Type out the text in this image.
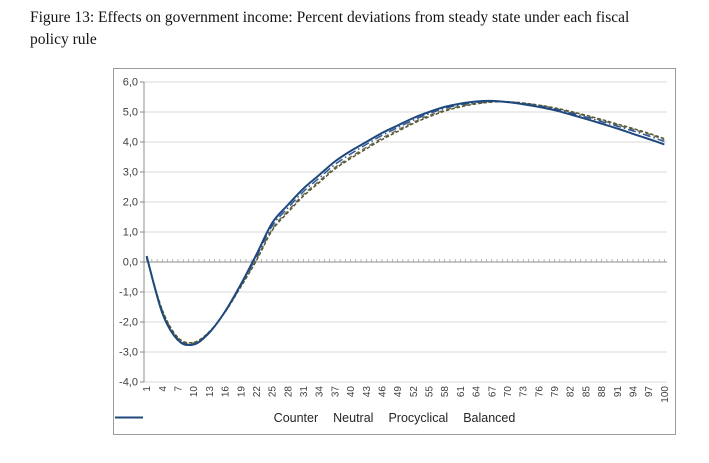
Figure 13: Effects on government income: Percent deviations from steady state under each fiscal
policy rule
6,0
5,0
4,0
3,0
2,0
1,0
0,0
-1,0
-2,0
-3,0
-4,0
1 4 7 10 13 16 19 22 25 28 31 34 37 40 43 46 49 52 55 58 61 64 67 70 73 76 79 82 85 88 91 94 97 100
Counter Neutral Procyclical Balanced
